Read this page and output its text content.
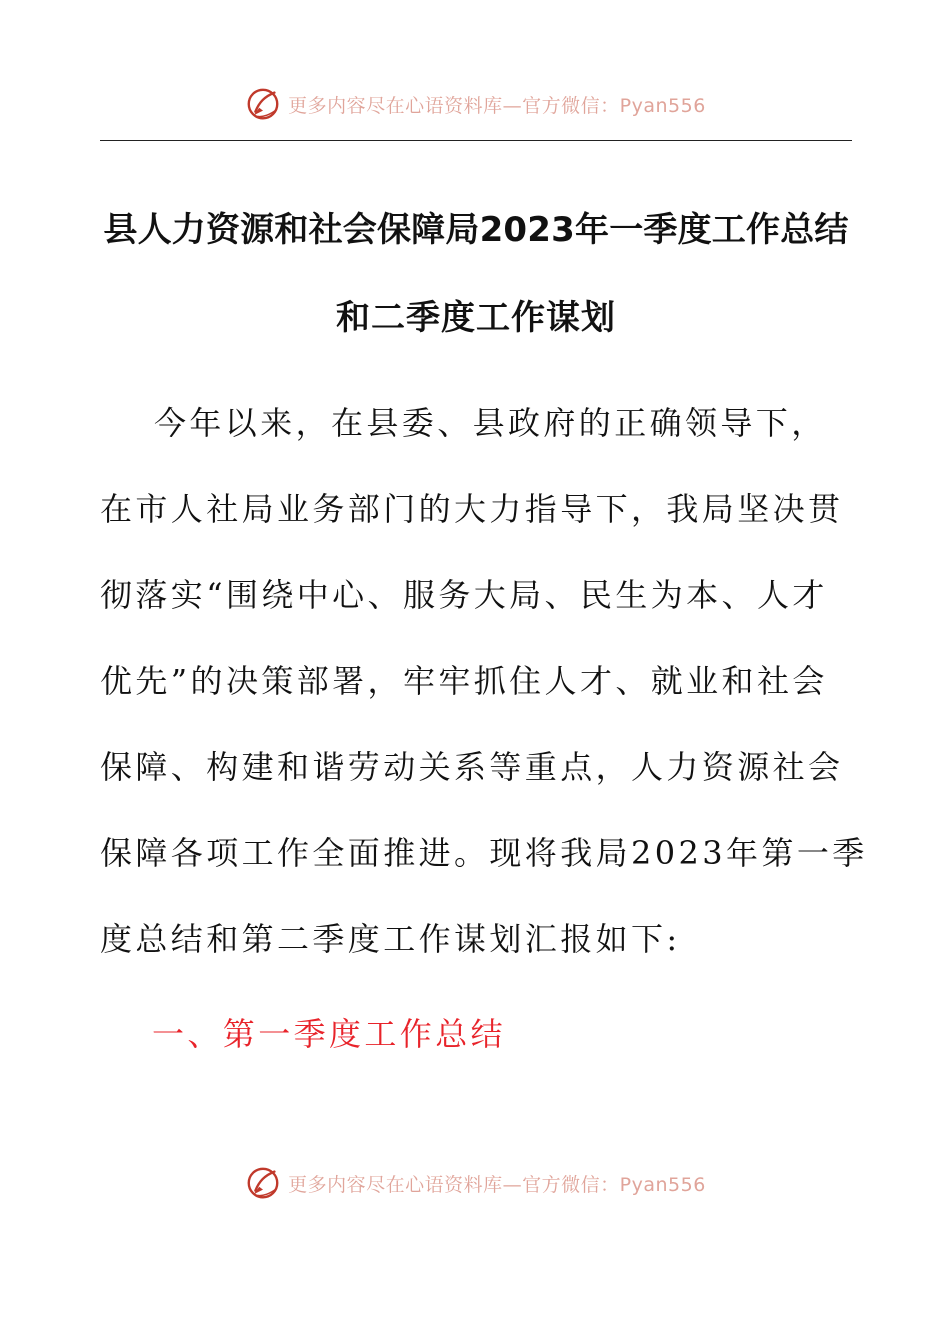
更多内容尽在心语资料库—官方微信：Pyan556
县人力资源和社会保障局2023年一季度工作总结
和二季度工作谋划
今年以来，在县委、县政府的正确领导下，
在市人社局业务部门的大力指导下，我局坚决贯
彻落实“围绕中心、服务大局、民生为本、人才
优先”的决策部署，牢牢抓住人才、就业和社会
保障、构建和谐劳动关系等重点，人力资源社会
保障各项工作全面推进。现将我局2023年第一季
度总结和第二季度工作谋划汇报如下:
一、第一季度工作总结
更多内容尽在心语资料库—官方微信：Pyan556
